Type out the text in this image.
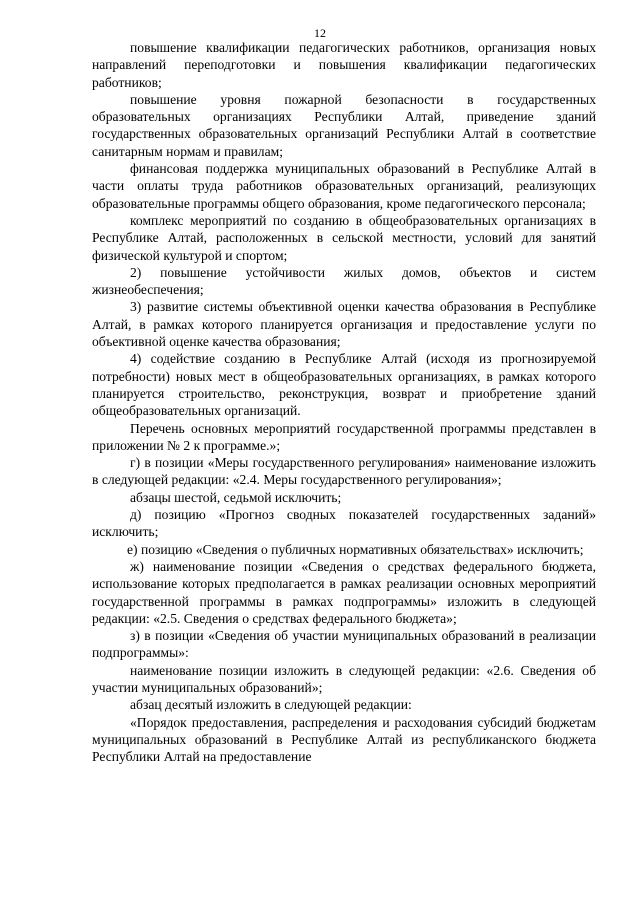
12

повышение квалификации педагогических работников, организация новых направлений переподготовки и повышения квалификации педагогических работников;

повышение уровня пожарной безопасности в государственных образовательных организациях Республики Алтай, приведение зданий государственных образовательных организаций Республики Алтай в соответствие санитарным нормам и правилам;

финансовая поддержка муниципальных образований в Республике Алтай в части оплаты труда работников образовательных организаций, реализующих образовательные программы общего образования, кроме педагогического персонала;

комплекс мероприятий по созданию в общеобразовательных организациях в Республике Алтай, расположенных в сельской местности, условий для занятий физической культурой и спортом;

2) повышение устойчивости жилых домов, объектов и систем жизнеобеспечения;

3) развитие системы объективной оценки качества образования в Республике Алтай, в рамках которого планируется организация и предоставление услуги по объективной оценке качества образования;

4) содействие созданию в Республике Алтай (исходя из прогнозируемой потребности) новых мест в общеобразовательных организациях, в рамках которого планируется строительство, реконструкция, возврат и приобретение зданий общеобразовательных организаций.

Перечень основных мероприятий государственной программы представлен в приложении № 2 к программе.»;

г) в позиции «Меры государственного регулирования» наименование изложить в следующей редакции: «2.4. Меры государственного регулирования»;

абзацы шестой, седьмой исключить;

д) позицию «Прогноз сводных показателей государственных заданий» исключить;

е) позицию «Сведения о публичных нормативных обязательствах» исключить;

ж) наименование позиции «Сведения о средствах федерального бюджета, использование которых предполагается в рамках реализации основных мероприятий государственной программы в рамках подпрограммы» изложить в следующей редакции: «2.5. Сведения о средствах федерального бюджета»;

з) в позиции «Сведения об участии муниципальных образований в реализации подпрограммы»:

наименование позиции изложить в следующей редакции: «2.6. Сведения об участии муниципальных образований»;

абзац десятый изложить в следующей редакции:

«Порядок предоставления, распределения и расходования субсидий бюджетам муниципальных образований в Республике Алтай из республиканского бюджета Республики Алтай на предоставление
